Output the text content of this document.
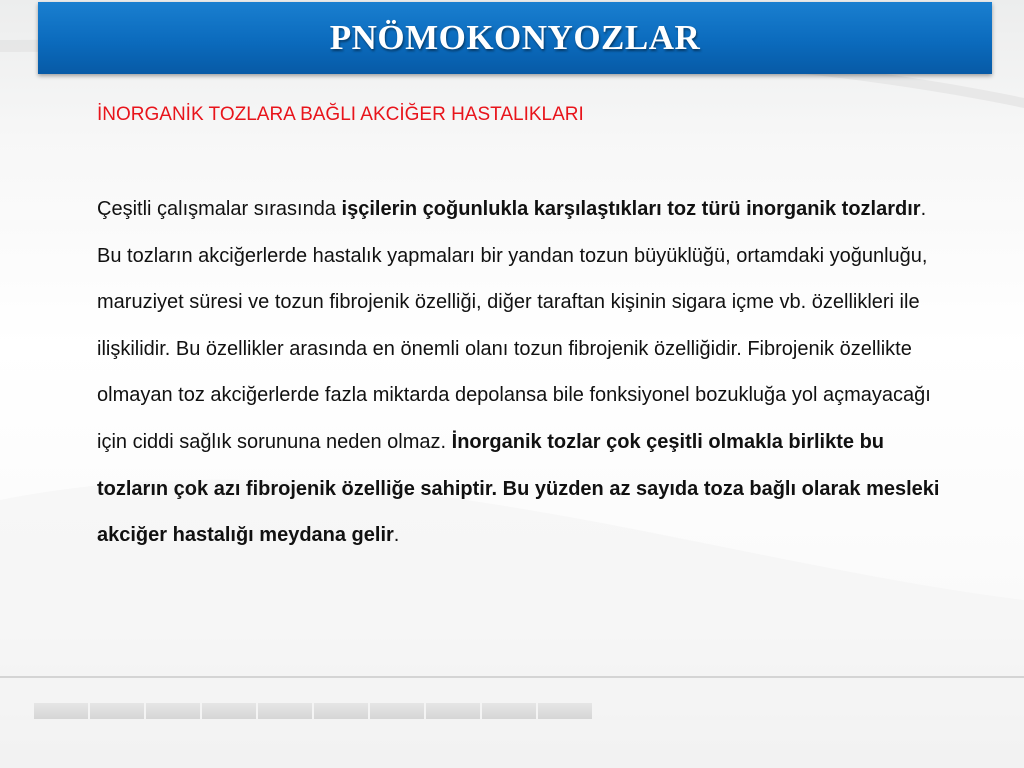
PNÖMOKONYOZLAR
İNORGANİK TOZLARA BAĞLI AKCİĞER HASTALIKLARI

Çeşitli çalışmalar sırasında işçilerin çoğunlukla karşılaştıkları toz türü inorganik tozlardır. Bu tozların akciğerlerde hastalık yapmaları bir yandan tozun büyüklüğü, ortamdaki yoğunluğu, maruziyet süresi ve tozun fibrojenik özelliği, diğer taraftan kişinin sigara içme vb. özellikleri ile ilişkilidir. Bu özellikler arasında en önemli olanı tozun fibrojenik özelliğidir. Fibrojenik özellikte olmayan toz akciğerlerde fazla miktarda depolansa bile fonksiyonel bozukluğa yol açmayacağı için ciddi sağlık sorununa neden olmaz. İnorganik tozlar çok çeşitli olmakla birlikte bu tozların çok azı fibrojenik özelliğe sahiptir. Bu yüzden az sayıda toza bağlı olarak mesleki akciğer hastalığı meydana gelir.
